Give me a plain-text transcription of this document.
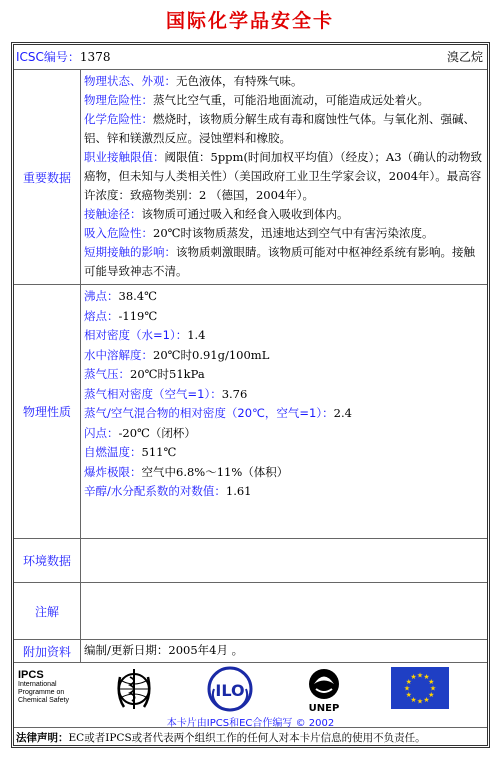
国际化学品安全卡
ICSC编号：1378	溴乙烷
重要数据

物理状态、外观：无色液体，有特殊气味。

物理危险性：蒸气比空气重，可能沿地面流动，可能造成远处着火。

化学危险性：燃烧时，该物质分解生成有毒和腐蚀性气体。与氧化剂、强碱、铝、锌和镁激烈反应。浸蚀塑料和橡胶。

职业接触限值：阈限值：5ppm(时间加权平均值）（经皮）；A3（确认的动物致癌物，但未知与人类相关性）（美国政府工业卫生学家会议，2004年）。最高容许浓度：致癌物类别：2 （德国，2004年）。

接触途径：该物质可通过吸入和经食入吸收到体内。

吸入危险性：20℃时该物质蒸发，迅速地达到空气中有害污染浓度。

短期接触的影响：该物质刺激眼睛。该物质可能对中枢神经系统有影响。接触可能导致神志不清。

物理性质

沸点：38.4℃

熔点：-119℃

相对密度（水=1）：1.4

水中溶解度：20℃时0.91g/100mL

蒸气压：20℃时51kPa

蒸气相对密度（空气=1）：3.76

蒸气/空气混合物的相对密度（20℃，空气=1）：2.4

闪点：-20℃（闭杯）

自燃温度：511℃

爆炸极限：空气中6.8%～11%（体积）

辛醇/水分配系数的对数值：1.61

环境数据
注解
附加资料	编制/更新日期：2005年4月 。
IPCS
International
Programme on
Chemical Safety
ILO
UNEP
★ ★
★
★
★
★
★
★
★
★
★
★
本卡片由IPCS和EC合作编写 © 2002
法律声明：EC或者IPCS或者代表两个组织工作的任何人对本卡片信息的使用不负责任。
